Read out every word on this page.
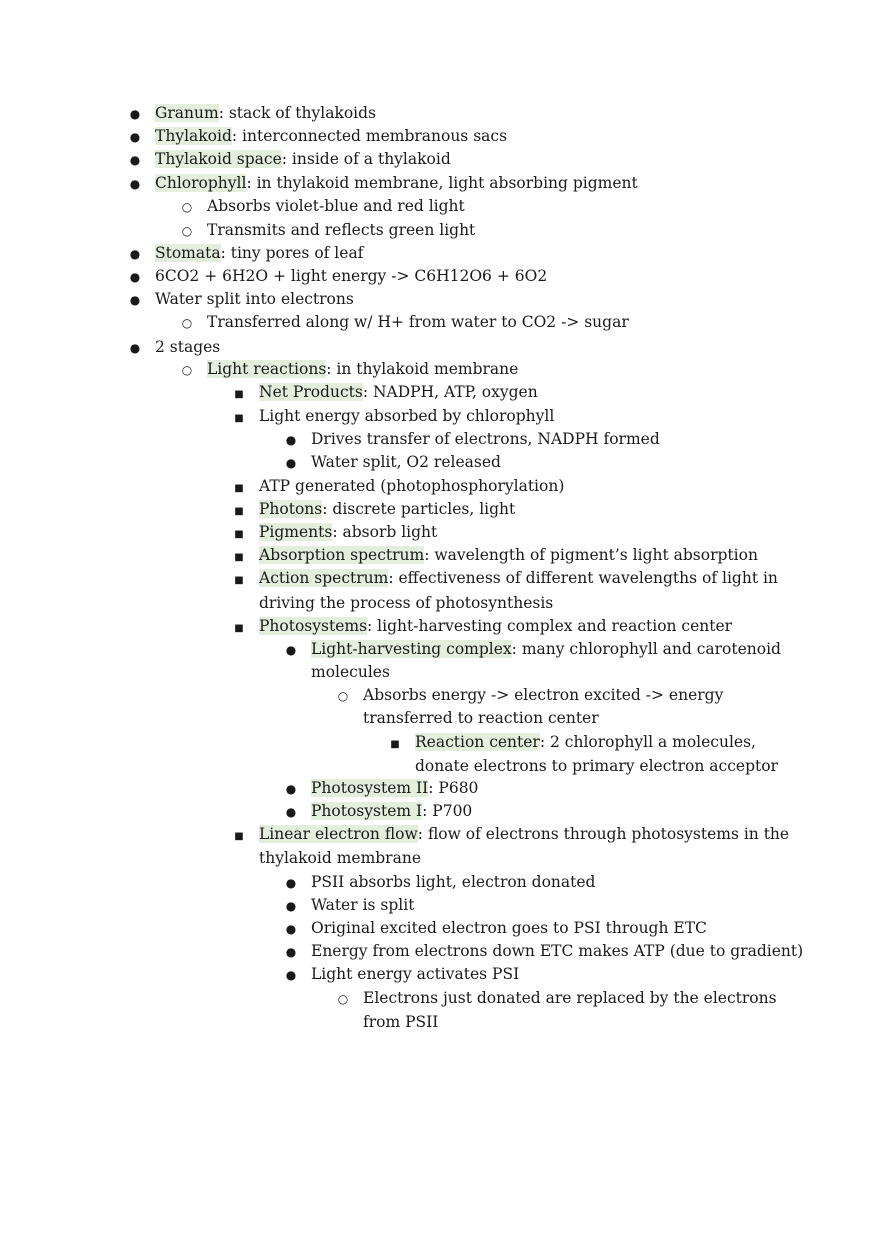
●
Granum: stack of thylakoids
●
Thylakoid: interconnected membranous sacs
●
Thylakoid space: inside of a thylakoid
●
Chlorophyll: in thylakoid membrane, light absorbing pigment
○
Absorbs violet-blue and red light
○
Transmits and reflects green light
●
Stomata: tiny pores of leaf
●
6CO2 + 6H2O + light energy -> C6H12O6 + 6O2
●
Water split into electrons
○
Transferred along w/ H+ from water to CO2 -> sugar
●
2 stages
○
Light reactions: in thylakoid membrane
■
Net Products: NADPH, ATP, oxygen
■
Light energy absorbed by chlorophyll
●
Drives transfer of electrons, NADPH formed
●
Water split, O2 released
■
ATP generated (photophosphorylation)
■
Photons: discrete particles, light
■
Pigments: absorb light
■
Absorption spectrum: wavelength of pigment’s light absorption
■
Action spectrum: effectiveness of different wavelengths of light in
driving the process of photosynthesis
■
Photosystems: light-harvesting complex and reaction center
●
Light-harvesting complex: many chlorophyll and carotenoid
molecules
○
Absorbs energy -> electron excited -> energy
transferred to reaction center
■
Reaction center: 2 chlorophyll a molecules,
donate electrons to primary electron acceptor
●
Photosystem II: P680
●
Photosystem I: P700
■
Linear electron flow: flow of electrons through photosystems in the
thylakoid membrane
●
PSII absorbs light, electron donated
●
Water is split
●
Original excited electron goes to PSI through ETC
●
Energy from electrons down ETC makes ATP (due to gradient)
●
Light energy activates PSI
○
Electrons just donated are replaced by the electrons
from PSII
